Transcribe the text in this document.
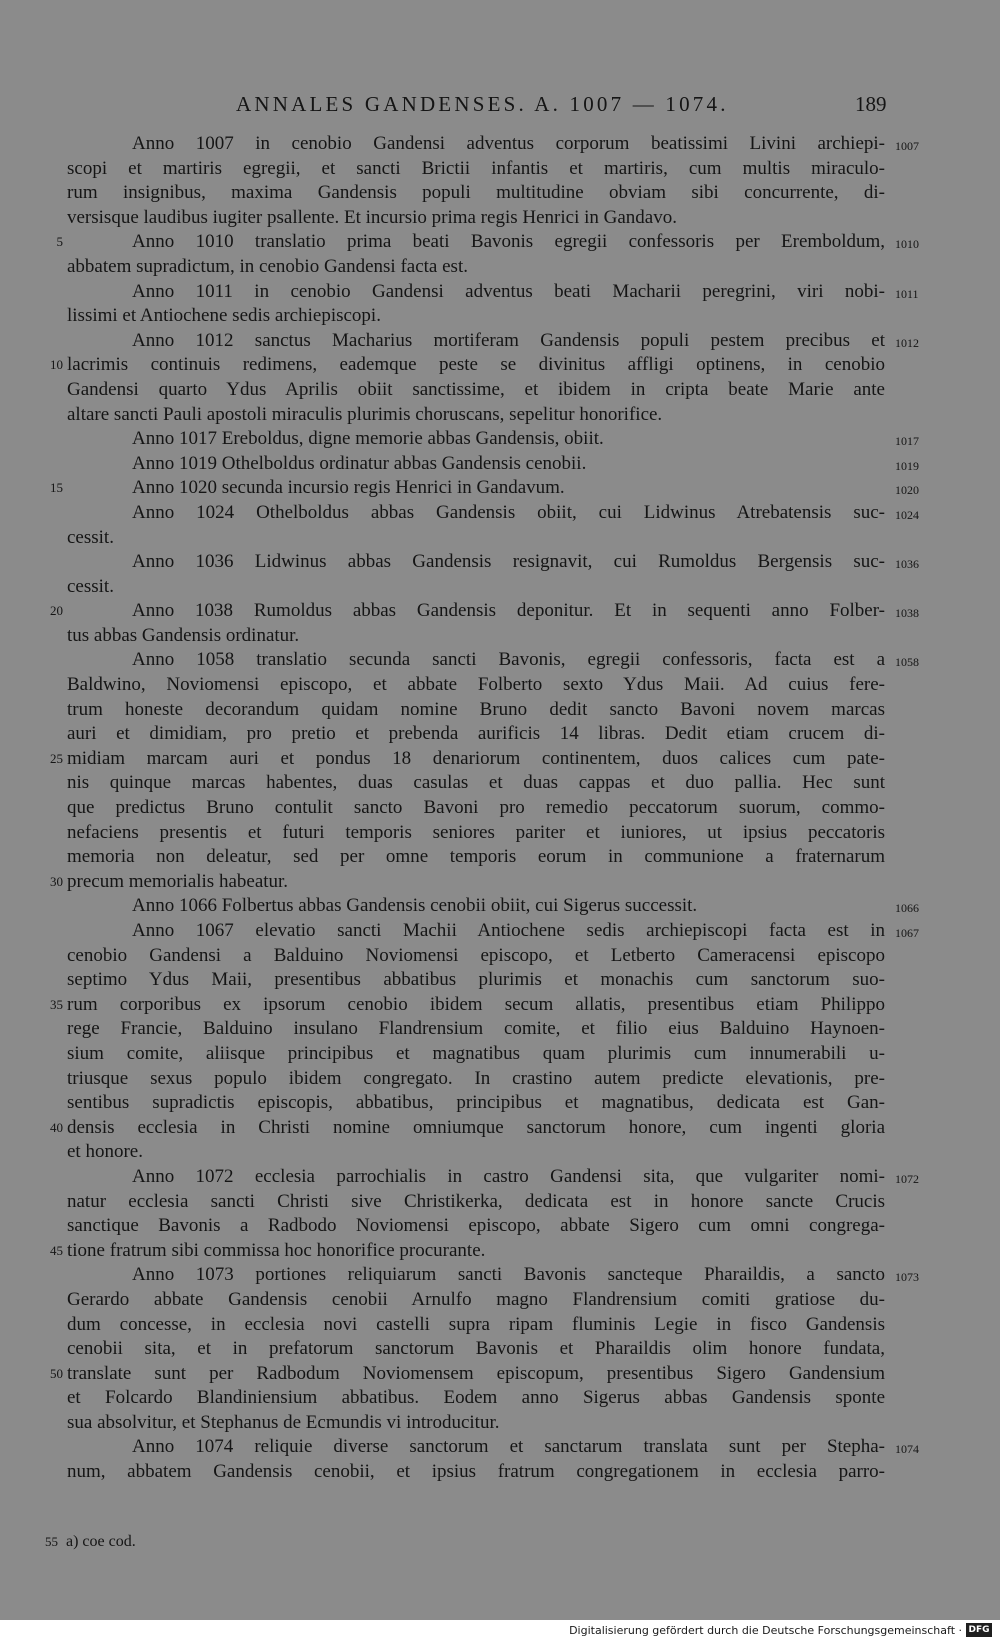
ANNALES GANDENSES. A. 1007 — 1074.	189
Anno 1007 in cenobio Gandensi adventus corporum beatissimi Livini archiepi- 1007
scopi et martiris egregii, et sancti Brictii infantis et martiris, cum multis miraculo-
rum insignibus, maxima Gandensis populi multitudine obviam sibi concurrente, di-
versisque laudibus iugiter psallente. Et incursio prima regis Henrici in Gandavo.
5	Anno 1010 translatio prima beati Bavonis egregii confessoris per Eremboldum, 1010
abbatem supradictum, in cenobio Gandensi facta est.
Anno 1011 in cenobio Gandensi adventus beati Macharii peregrini, viri nobi- 1011
lissimi et Antiochene sedis archiepiscopi.
Anno 1012 sanctus Macharius mortiferam Gandensis populi pestem precibus et 1012
10 lacrimis continuis redimens, eademque peste se divinitus affligi optinens, in cenobio
Gandensi quarto Ydus Aprilis obiit sanctissime, et ibidem in cripta beate Marie ante
altare sancti Pauli apostoli miraculis plurimis choruscans, sepelitur honorifice.
Anno 1017 Ereboldus, digne memorie abbas Gandensis, obiit.	1017
Anno 1019 Othelboldus ordinatur abbas Gandensis cenobii.	1019
15	Anno 1020 secunda incursio regis Henrici in Gandavum.	1020
Anno 1024 Othelboldus abbas Gandensis obiit, cui Lidwinus Atrebatensis suc- 1024
cessit.
Anno 1036 Lidwinus abbas Gandensis resignavit, cui Rumoldus Bergensis suc- 1036
cessit.
20	Anno 1038 Rumoldus abbas Gandensis deponitur. Et in sequenti anno Folber- 1038
tus abbas Gandensis ordinatur.
Anno 1058 translatio secunda sancti Bavonis, egregii confessoris, facta est a 1058
Baldwino, Noviomensi episcopo, et abbate Folberto sexto Ydus Maii. Ad cuius fere-
trum honeste decorandum quidam nomine Bruno dedit sancto Bavoni novem marcas
auri et dimidiam, pro pretio et prebenda aurificis 14 libras. Dedit etiam crucem di-
25 midiam marcam auri et pondus 18 denariorum continentem, duos calices cum pate-
nis quinque marcas habentes, duas casulas et duas cappas et duo pallia. Hec sunt
que predictus Bruno contulit sancto Bavoni pro remedio peccatorum suorum, commo-
nefaciens presentis et futuri temporis seniores pariter et iuniores, ut ipsius peccatoris
memoria non deleatur, sed per omne temporis eorum in communione a fraternarum
30 precum memorialis habeatur.
Anno 1066 Folbertus abbas Gandensis cenobii obiit, cui Sigerus successit.	1066
Anno 1067 elevatio sancti Machii Antiochene sedis archiepiscopi facta est in 1067
cenobio Gandensi a Balduino Noviomensi episcopo, et Letberto Cameracensi episcopo
septimo Ydus Maii, presentibus abbatibus plurimis et monachis cum sanctorum suo-
35 rum corporibus ex ipsorum cenobio ibidem secum allatis, presentibus etiam Philippo
rege Francie, Balduino insulano Flandrensium comite, et filio eius Balduino Haynoen-
sium comite, aliisque principibus et magnatibus quam plurimis cum innumerabili u-
triusque sexus populo ibidem congregato. In crastino autem predicte elevationis, pre-
sentibus supradictis episcopis, abbatibus, principibus et magnatibus, dedicata est Gan-
40 densis ecclesia in Christi nomine omniumque sanctorum honore, cum ingenti gloria
et honore.
Anno 1072 ecclesia parrochialis in castro Gandensi sita, que vulgariter nomi- 1072
natur ecclesia sancti Christi sive Christikerka, dedicata est in honore sancte Crucis
sanctique Bavonis a Radbodo Noviomensi episcopo, abbate Sigero cum omni congrega-
45 tione fratrum sibi commissa hoc honorifice procurante.
Anno 1073 portiones reliquiarum sancti Bavonis sancteque Pharaildis, a sancto 1073
Gerardo abbate Gandensis cenobii Arnulfo magno Flandrensium comiti gratiose du-
dum concesse, in ecclesia novi castelli supra ripam fluminis Legie in fisco Gandensis
cenobii sita, et in prefatorum sanctorum Bavonis et Pharaildis olim honore fundata,
50 translate sunt per Radbodum Noviomensem episcopum, presentibus Sigero Gandensium
et Folcardo Blandiniensium abbatibus. Eodem anno Sigerus abbas Gandensis sponte
sua absolvitur, et Stephanus de Ecmundis vi introducitur.
Anno 1074 reliquie diverse sanctorum et sanctarum translata sunt per Stepha- 1074
num, abbatem Gandensis cenobii, et ipsius fratrum congregationem in ecclesia parro-
55 a) coe cod.
Digitalisierung gefördert durch die Deutsche Forschungsgemeinschaft · DFG
